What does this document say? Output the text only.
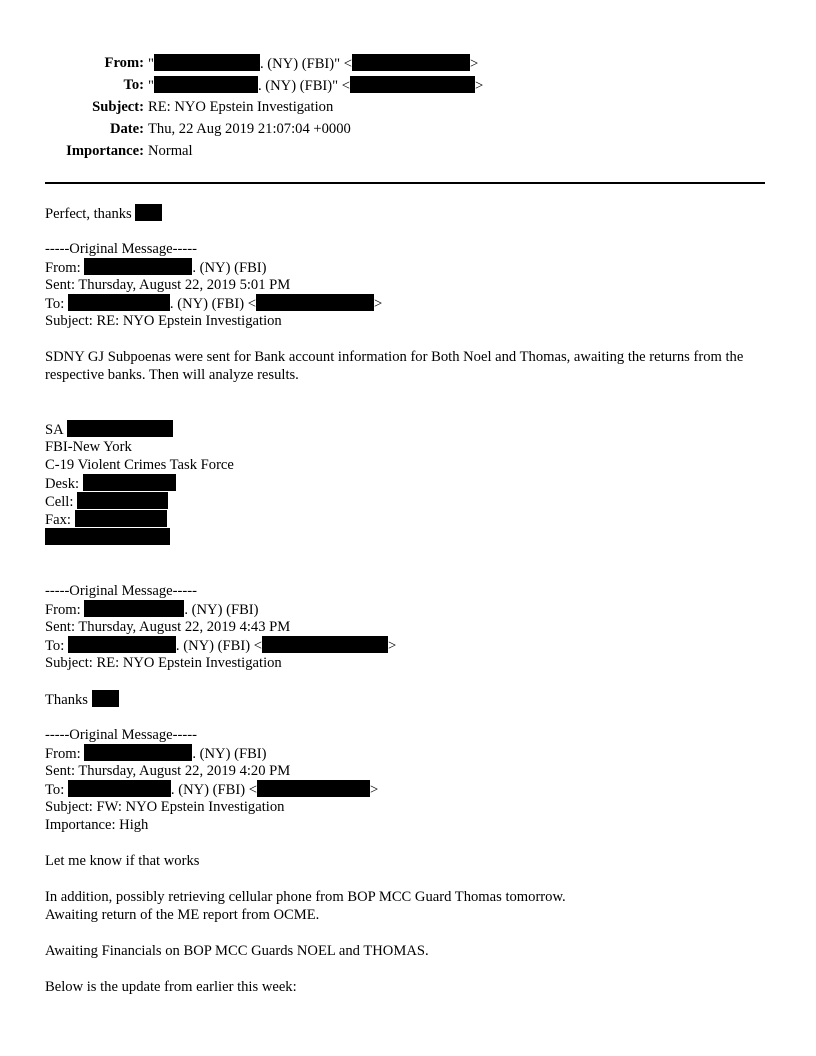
From: "	. (NY) (FBI)" <	>
To: "	. (NY) (FBI)" <	>
Subject: RE: NYO Epstein Investigation
Date: Thu, 22 Aug 2019 21:07:04 +0000
Importance: Normal
Perfect, thanks
-----Original Message-----
From:	. (NY) (FBI)
Sent: Thursday, August 22, 2019 5:01 PM
To:	. (NY) (FBI) <	>
Subject: RE: NYO Epstein Investigation
SDNY GJ Subpoenas were sent for Bank account information for Both Noel and Thomas, awaiting the returns from the respective banks. Then will analyze results.
SA
FBI-New York
C-19 Violent Crimes Task Force
Desk:
Cell:
Fax:
-----Original Message-----
From:	. (NY) (FBI)
Sent: Thursday, August 22, 2019 4:43 PM
To:	. (NY) (FBI) <	>
Subject: RE: NYO Epstein Investigation
Thanks
-----Original Message-----
From:	. (NY) (FBI)
Sent: Thursday, August 22, 2019 4:20 PM
To:	. (NY) (FBI) <	>
Subject: FW: NYO Epstein Investigation
Importance: High
Let me know if that works
In addition, possibly retrieving cellular phone from BOP MCC Guard Thomas tomorrow.
Awaiting return of the ME report from OCME.
Awaiting Financials on BOP MCC Guards NOEL and THOMAS.
Below is the update from earlier this week:
